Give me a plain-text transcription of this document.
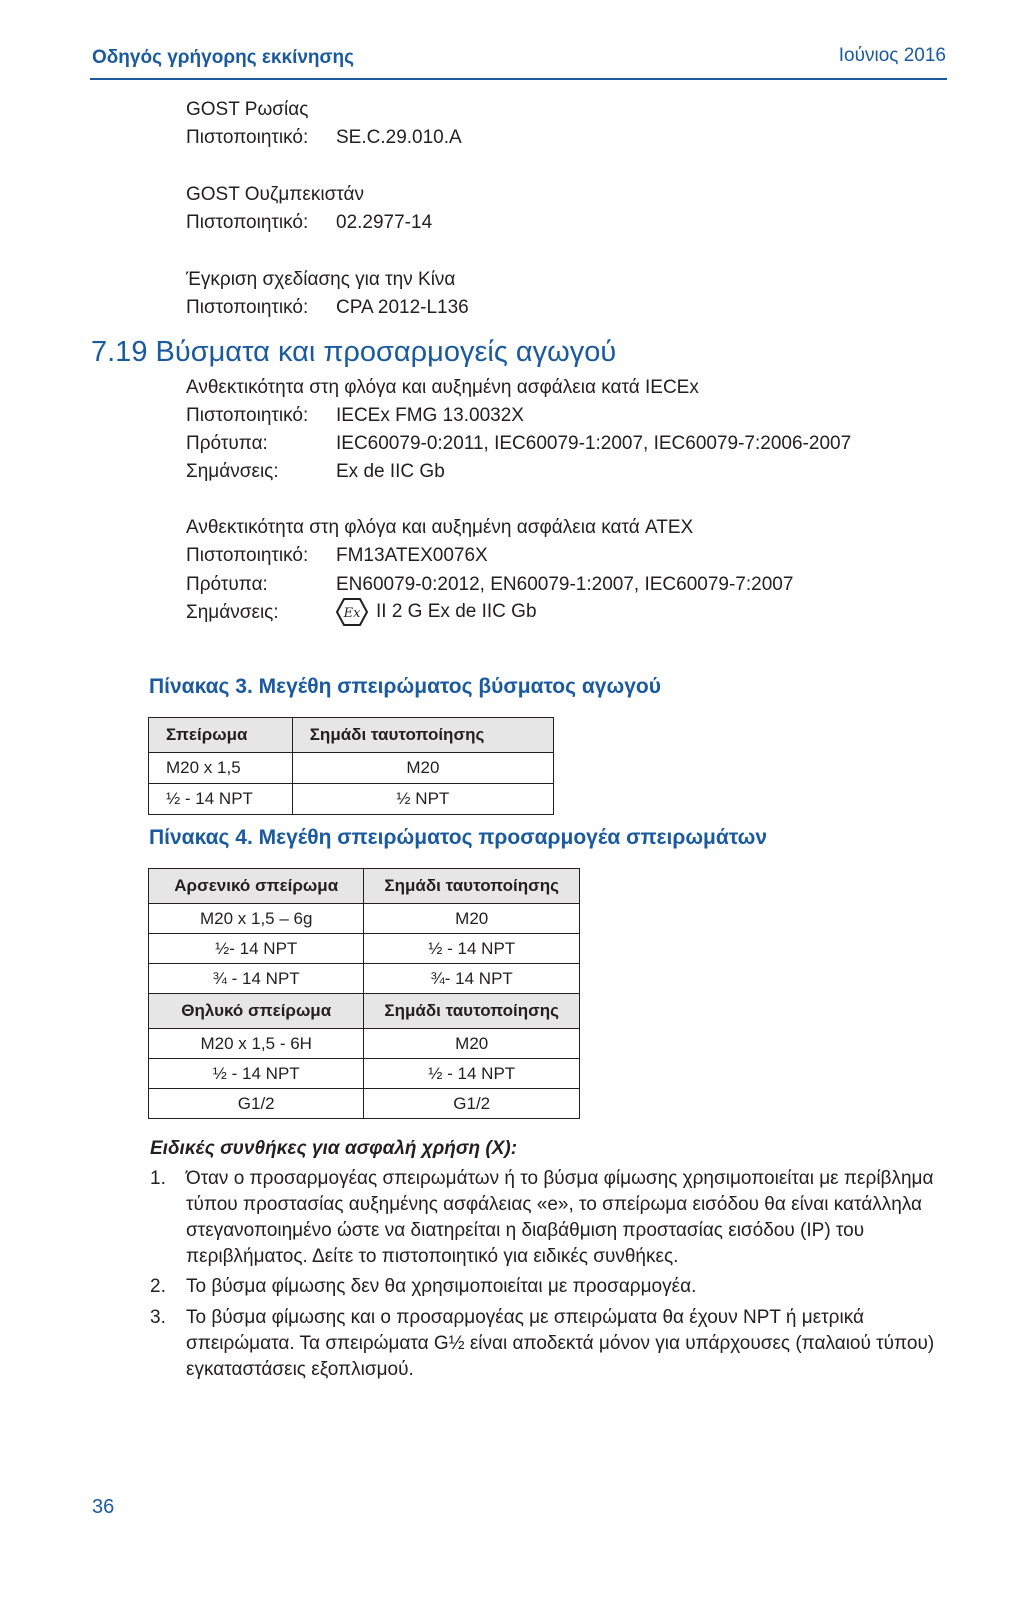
Οδηγός γρήγορης εκκίνησης	Ιούνιος 2016
GOST Ρωσίας
Πιστοποιητικό: SE.C.29.010.A
GOST Ουζμπεκιστάν
Πιστοποιητικό: 02.2977-14
Έγκριση σχεδίασης για την Κίνα
Πιστοποιητικό: CPA 2012-L136
7.19 Βύσματα και προσαρμογείς αγωγού
Ανθεκτικότητα στη φλόγα και αυξημένη ασφάλεια κατά IECEx
Πιστοποιητικό: IECEx FMG 13.0032X
Πρότυπα:	IEC60079-0:2011, IEC60079-1:2007, IEC60079-7:2006-2007
Σημάνσεις:	Ex de IIC Gb
Ανθεκτικότητα στη φλόγα και αυξημένη ασφάλεια κατά ATEX
Πιστοποιητικό: FM13ATEX0076X
Πρότυπα:	EN60079-0:2012, EN60079-1:2007, IEC60079-7:2007
Σημάνσεις:	Ex II 2 G Ex de IIC Gb
Πίνακας 3. Μεγέθη σπειρώματος βύσματος αγωγού
Σπείρωμα	Σημάδι ταυτοποίησης
M20 x 1,5	M20
½ - 14 NPT	½ NPT
Πίνακας 4. Μεγέθη σπειρώματος προσαρμογέα σπειρωμάτων
Αρσενικό σπείρωμα	Σημάδι ταυτοποίησης
M20 x 1,5 – 6g	M20
½- 14 NPT	½ - 14 NPT
¾ - 14 NPT	¾- 14 NPT
Θηλυκό σπείρωμα	Σημάδι ταυτοποίησης
M20 x 1,5 - 6H	M20
½ - 14 NPT	½ - 14 NPT
G1/2	G1/2
Ειδικές συνθήκες για ασφαλή χρήση (X):
1. Όταν ο προσαρμογέας σπειρωμάτων ή το βύσμα φίμωσης χρησιμοποιείται με περίβλημα τύπου προστασίας αυξημένης ασφάλειας «e», το σπείρωμα εισόδου θα είναι κατάλληλα στεγανοποιημένο ώστε να διατηρείται η διαβάθμιση προστασίας εισόδου (IP) του περιβλήματος. Δείτε το πιστοποιητικό για ειδικές συνθήκες.
2. Το βύσμα φίμωσης δεν θα χρησιμοποιείται με προσαρμογέα.
3. Το βύσμα φίμωσης και ο προσαρμογέας με σπειρώματα θα έχουν NPT ή μετρικά σπειρώματα. Τα σπειρώματα G½ είναι αποδεκτά μόνον για υπάρχουσες (παλαιού τύπου) εγκαταστάσεις εξοπλισμού.
36
